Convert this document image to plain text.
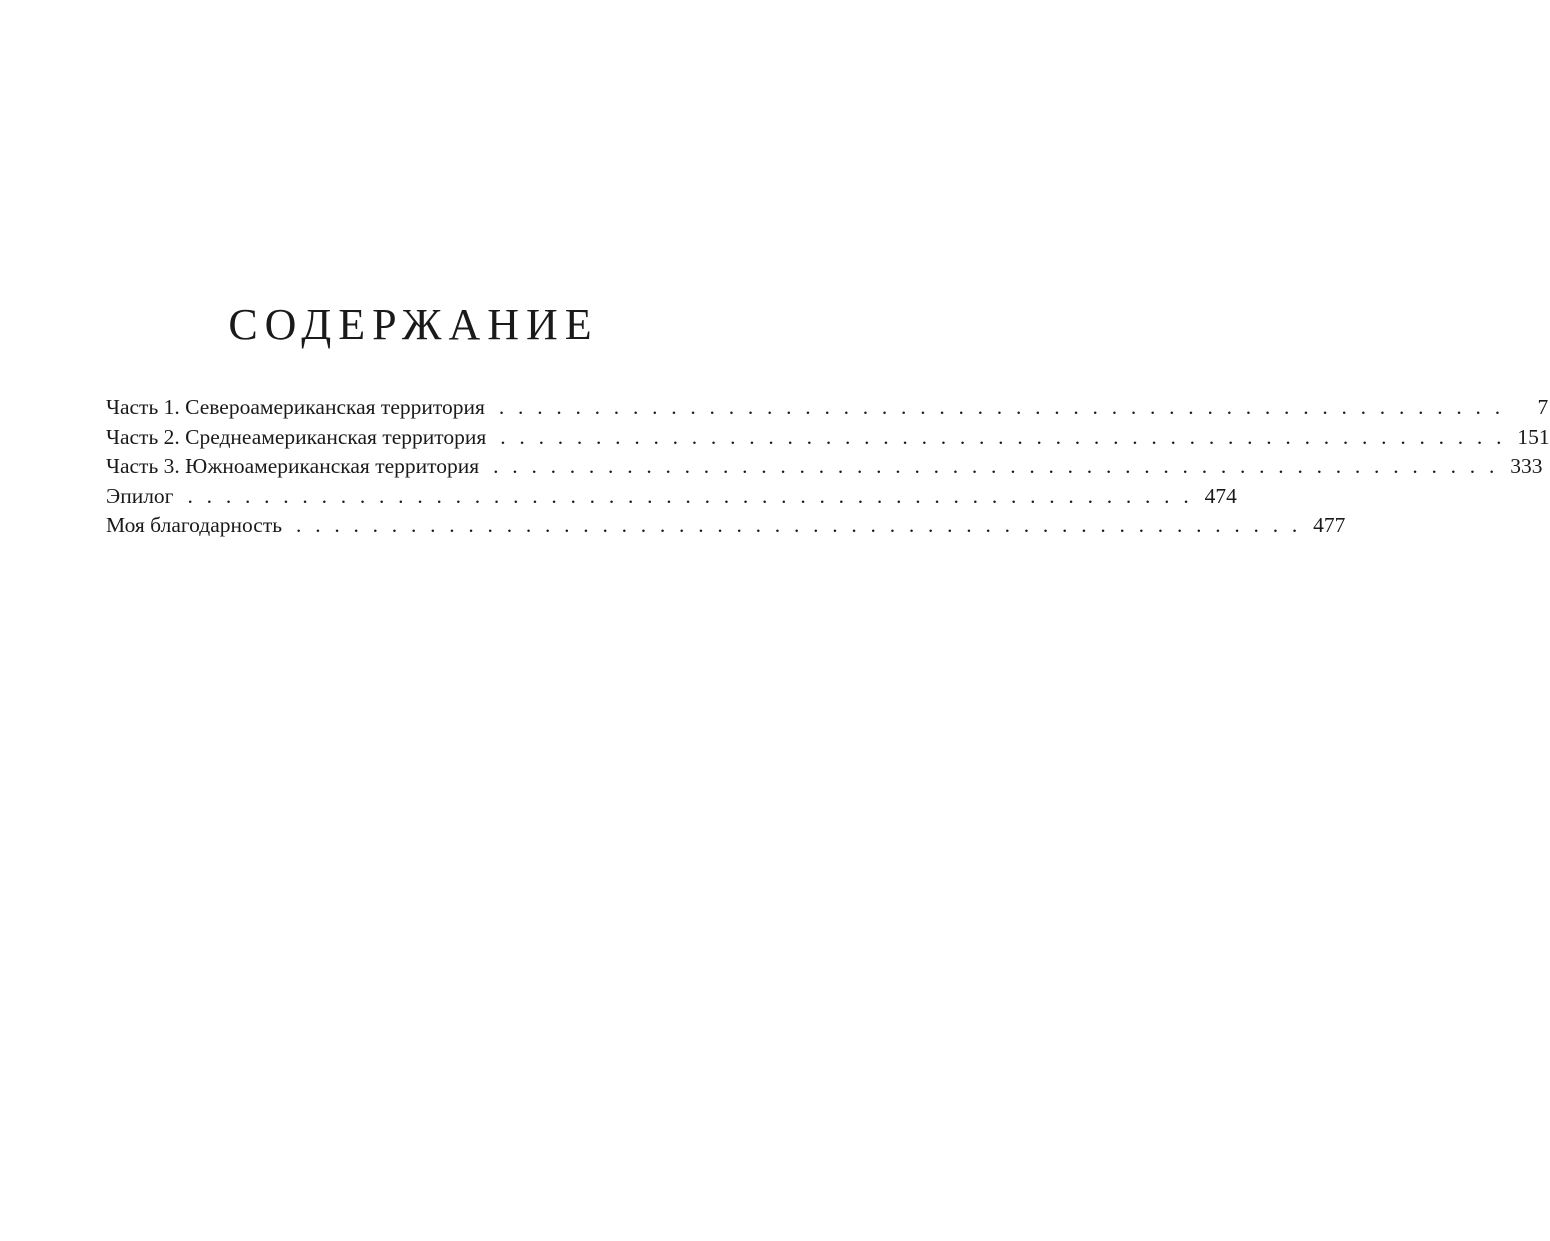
СОДЕРЖАНИЕ
Часть 1. Североамериканская территория . . . . . . . . . . . . . . . . . . . . . . . . . . . . . . . . . . . . . . . . . . . . . . . . . . . . .	7
Часть 2. Среднеамериканская территория . . . . . . . . . . . . . . . . . . . . . . . . . . . . . . . . . . . . . . . . . . . . . . . . . . . . . 151
Часть 3. Южноамериканская территория . . . . . . . . . . . . . . . . . . . . . . . . . . . . . . . . . . . . . . . . . . . . . . . . . . . . . 333
Эпилог . . . . . . . . . . . . . . . . . . . . . . . . . . . . . . . . . . . . . . . . . . . . . . . . . . . . . 474
Моя благодарность . . . . . . . . . . . . . . . . . . . . . . . . . . . . . . . . . . . . . . . . . . . . . . . . . . . . . 477
